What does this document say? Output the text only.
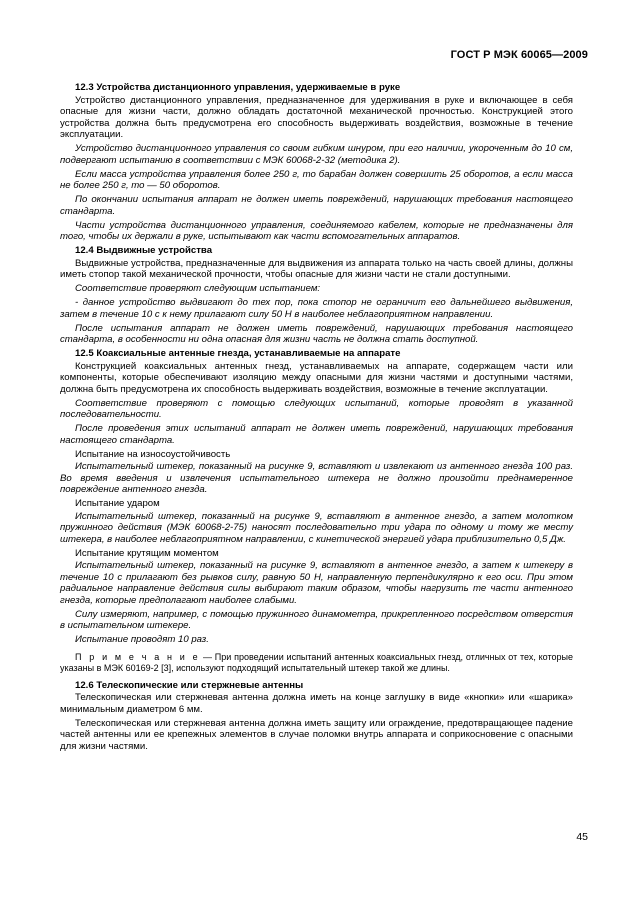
ГОСТ Р МЭК 60065—2009

12.3 Устройства дистанционного управления, удерживаемые в руке

Устройство дистанционного управления, предназначенное для удерживания в руке и включающее в себя опасные для жизни части, должно обладать достаточной механической прочностью. Конструкцией этого устройства должна быть предусмотрена его способность выдерживать воздействия, возможные в течение эксплуатации.

Устройство дистанционного управления со своим гибким шнуром, при его наличии, укороченным до 10 см, подвергают испытанию в соответствии с МЭК 60068-2-32 (методика 2).

Если масса устройства управления более 250 г, то барабан должен совершить 25 оборотов, а если масса не более 250 г, то — 50 оборотов.

По окончании испытания аппарат не должен иметь повреждений, нарушающих требования настоящего стандарта.

Части устройства дистанционного управления, соединяемого кабелем, которые не предназначены для того, чтобы их держали в руке, испытывают как части вспомогательных аппаратов.

12.4 Выдвижные устройства

Выдвижные устройства, предназначенные для выдвижения из аппарата только на часть своей длины, должны иметь стопор такой механической прочности, чтобы опасные для жизни части не стали доступными.

Соответствие проверяют следующим испытанием:

- данное устройство выдвигают до тех пор, пока стопор не ограничит его дальнейшего выдвижения, затем в течение 10 с к нему прилагают силу 50 Н в наиболее неблагоприятном направлении.

После испытания аппарат не должен иметь повреждений, нарушающих требования настоящего стандарта, в особенности ни одна опасная для жизни часть не должна стать доступной.

12.5 Коаксиальные антенные гнезда, устанавливаемые на аппарате

Конструкцией коаксиальных антенных гнезд, устанавливаемых на аппарате, содержащем части или компоненты, которые обеспечивают изоляцию между опасными для жизни частями и доступными частями, должна быть предусмотрена их способность выдерживать воздействия, возможные в течение эксплуатации.

Соответствие проверяют с помощью следующих испытаний, которые проводят в указанной последовательности.

После проведения этих испытаний аппарат не должен иметь повреждений, нарушающих требования настоящего стандарта.

Испытание на износоустойчивость

Испытательный штекер, показанный на рисунке 9, вставляют и извлекают из антенного гнезда 100 раз. Во время введения и извлечения испытательного штекера не должно произойти преднамеренное повреждение антенного гнезда.

Испытание ударом

Испытательный штекер, показанный на рисунке 9, вставляют в антенное гнездо, а затем молотком пружинного действия (МЭК 60068-2-75) наносят последовательно три удара по одному и тому же месту штекера, в наиболее неблагоприятном направлении, с кинетической энергией удара приблизительно 0,5 Дж.

Испытание крутящим моментом

Испытательный штекер, показанный на рисунке 9, вставляют в антенное гнездо, а затем к штекеру в течение 10 с прилагают без рывков силу, равную 50 Н, направленную перпендикулярно к его оси. При этом радиальное направление действия силы выбирают таким образом, чтобы нагрузить те части антенного гнезда, которые предполагают наиболее слабыми.

Силу измеряют, например, с помощью пружинного динамометра, прикрепленного посредством отверстия в испытательном штекере.

Испытание проводят 10 раз.

П р и м е ч а н и е — При проведении испытаний антенных коаксиальных гнезд, отличных от тех, которые указаны в МЭК 60169-2 [3], используют подходящий испытательный штекер такой же длины.

12.6 Телескопические или стержневые антенны

Телескопическая или стержневая антенна должна иметь на конце заглушку в виде «кнопки» или «шарика» минимальным диаметром 6 мм.

Телескопическая или стержневая антенна должна иметь защиту или ограждение, предотвращающее падение частей антенны или ее крепежных элементов в случае поломки внутрь аппарата и соприкосновение с опасными для жизни частями.

45
